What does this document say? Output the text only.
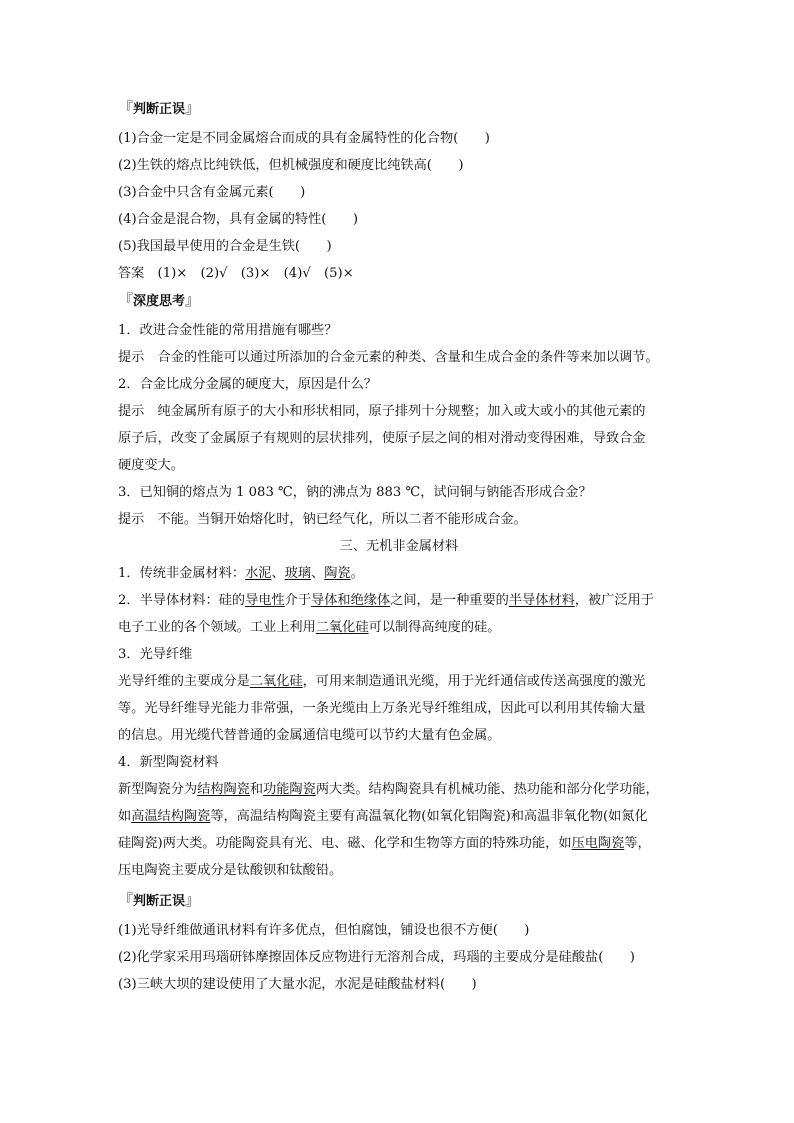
『判断正误』
(1)合金一定是不同金属熔合而成的具有金属特性的化合物(　　)
(2)生铁的熔点比纯铁低，但机械强度和硬度比纯铁高(　　)
(3)合金中只含有金属元素(　　)
(4)合金是混合物，具有金属的特性(　　)
(5)我国最早使用的合金是生铁(　　)
答案　(1)×　(2)√　(3)×　(4)√　(5)×
『深度思考』
1．改进合金性能的常用措施有哪些？
提示　合金的性能可以通过所添加的合金元素的种类、含量和生成合金的条件等来加以调节。
2．合金比成分金属的硬度大，原因是什么？
提示　纯金属所有原子的大小和形状相同，原子排列十分规整；加入或大或小的其他元素的
原子后，改变了金属原子有规则的层状排列，使原子层之间的相对滑动变得困难，导致合金
硬度变大。
3．已知铜的熔点为 1 083 ℃，钠的沸点为 883 ℃，试问铜与钠能否形成合金？
提示　不能。当铜开始熔化时，钠已经气化，所以二者不能形成合金。
三、无机非金属材料
1．传统非金属材料：水泥、玻璃、陶瓷。
2．半导体材料：硅的导电性介于导体和绝缘体之间，是一种重要的半导体材料，被广泛用于
电子工业的各个领域。工业上利用二氧化硅可以制得高纯度的硅。
3．光导纤维
光导纤维的主要成分是二氧化硅，可用来制造通讯光缆，用于光纤通信或传送高强度的激光
等。光导纤维导光能力非常强，一条光缆由上万条光导纤维组成，因此可以利用其传输大量
的信息。用光缆代替普通的金属通信电缆可以节约大量有色金属。
4．新型陶瓷材料
新型陶瓷分为结构陶瓷和功能陶瓷两大类。结构陶瓷具有机械功能、热功能和部分化学功能，
如高温结构陶瓷等，高温结构陶瓷主要有高温氧化物(如氧化铝陶瓷)和高温非氧化物(如氮化
硅陶瓷)两大类。功能陶瓷具有光、电、磁、化学和生物等方面的特殊功能，如压电陶瓷等，
压电陶瓷主要成分是钛酸钡和钛酸铅。
『判断正误』
(1)光导纤维做通讯材料有许多优点，但怕腐蚀，铺设也很不方便(　　)
(2)化学家采用玛瑙研钵摩擦固体反应物进行无溶剂合成，玛瑙的主要成分是硅酸盐(　　)
(3)三峡大坝的建设使用了大量水泥，水泥是硅酸盐材料(　　)
